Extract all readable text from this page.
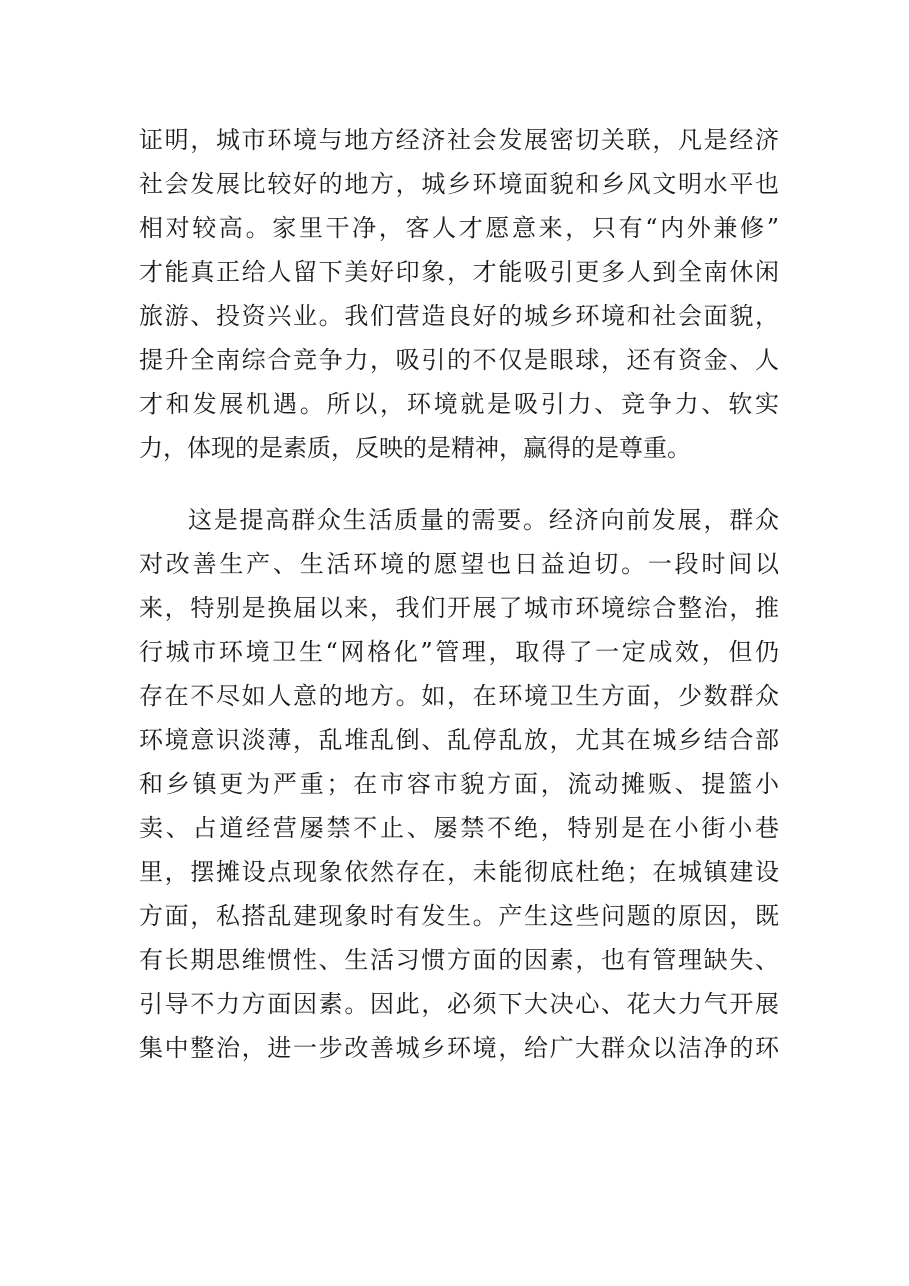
证明，城市环境与地方经济社会发展密切关联，凡是经济

社会发展比较好的地方，城乡环境面貌和乡风文明水平也

相对较高。家里干净，客人才愿意来，只有“内外兼修”

才能真正给人留下美好印象，才能吸引更多人到全南休闲

旅游、投资兴业。我们营造良好的城乡环境和社会面貌，

提升全南综合竞争力，吸引的不仅是眼球，还有资金、人

才和发展机遇。所以，环境就是吸引力、竞争力、软实

力，体现的是素质，反映的是精神，赢得的是尊重。

这是提高群众生活质量的需要。经济向前发展，群众

对改善生产、生活环境的愿望也日益迫切。一段时间以

来，特别是换届以来，我们开展了城市环境综合整治，推

行城市环境卫生“网格化”管理，取得了一定成效，但仍

存在不尽如人意的地方。如，在环境卫生方面，少数群众

环境意识淡薄，乱堆乱倒、乱停乱放，尤其在城乡结合部

和乡镇更为严重；在市容市貌方面，流动摊贩、提篮小

卖、占道经营屡禁不止、屡禁不绝，特别是在小街小巷

里，摆摊设点现象依然存在，未能彻底杜绝；在城镇建设

方面，私搭乱建现象时有发生。产生这些问题的原因，既

有长期思维惯性、生活习惯方面的因素，也有管理缺失、

引导不力方面因素。因此，必须下大决心、花大力气开展

集中整治，进一步改善城乡环境，给广大群众以洁净的环
